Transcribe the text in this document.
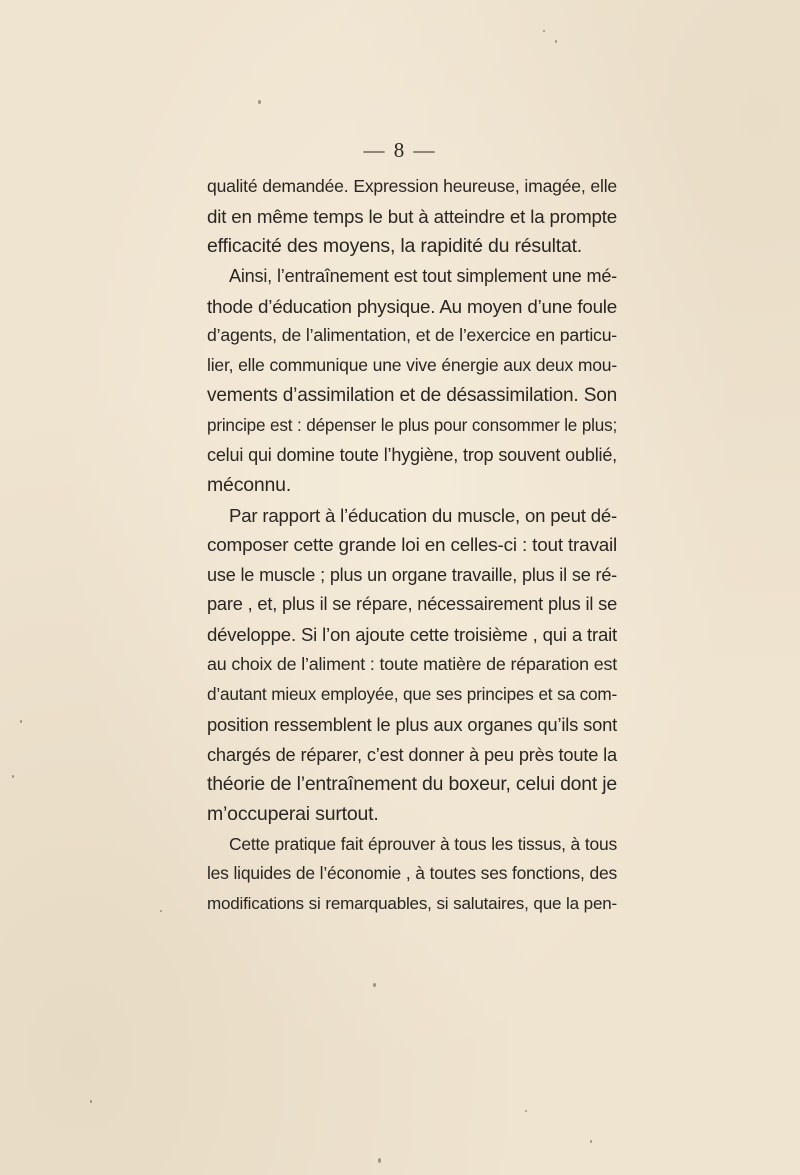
— 8 —
qualité demandée. Expression heureuse, imagée, elle
dit en même temps le but à atteindre et la prompte
efficacité des moyens, la rapidité du résultat.
Ainsi, l’entraînement est tout simplement une mé-
thode d’éducation physique. Au moyen d’une foule
d’agents, de l’alimentation, et de l’exercice en particu-
lier, elle communique une vive énergie aux deux mou-
vements d’assimilation et de désassimilation. Son
principe est : dépenser le plus pour consommer le plus;
celui qui domine toute l’hygiène, trop souvent oublié,
méconnu.
Par rapport à l’éducation du muscle, on peut dé-
composer cette grande loi en celles-ci : tout travail
use le muscle ; plus un organe travaille, plus il se ré-
pare , et, plus il se répare, nécessairement plus il se
développe. Si l’on ajoute cette troisième , qui a trait
au choix de l’aliment : toute matière de réparation est
d’autant mieux employée, que ses principes et sa com-
position ressemblent le plus aux organes qu’ils sont
chargés de réparer, c’est donner à peu près toute la
théorie de l’entraînement du boxeur, celui dont je
m’occuperai surtout.
Cette pratique fait éprouver à tous les tissus, à tous
les liquides de l’économie , à toutes ses fonctions, des
modifications si remarquables, si salutaires, que la pen-
